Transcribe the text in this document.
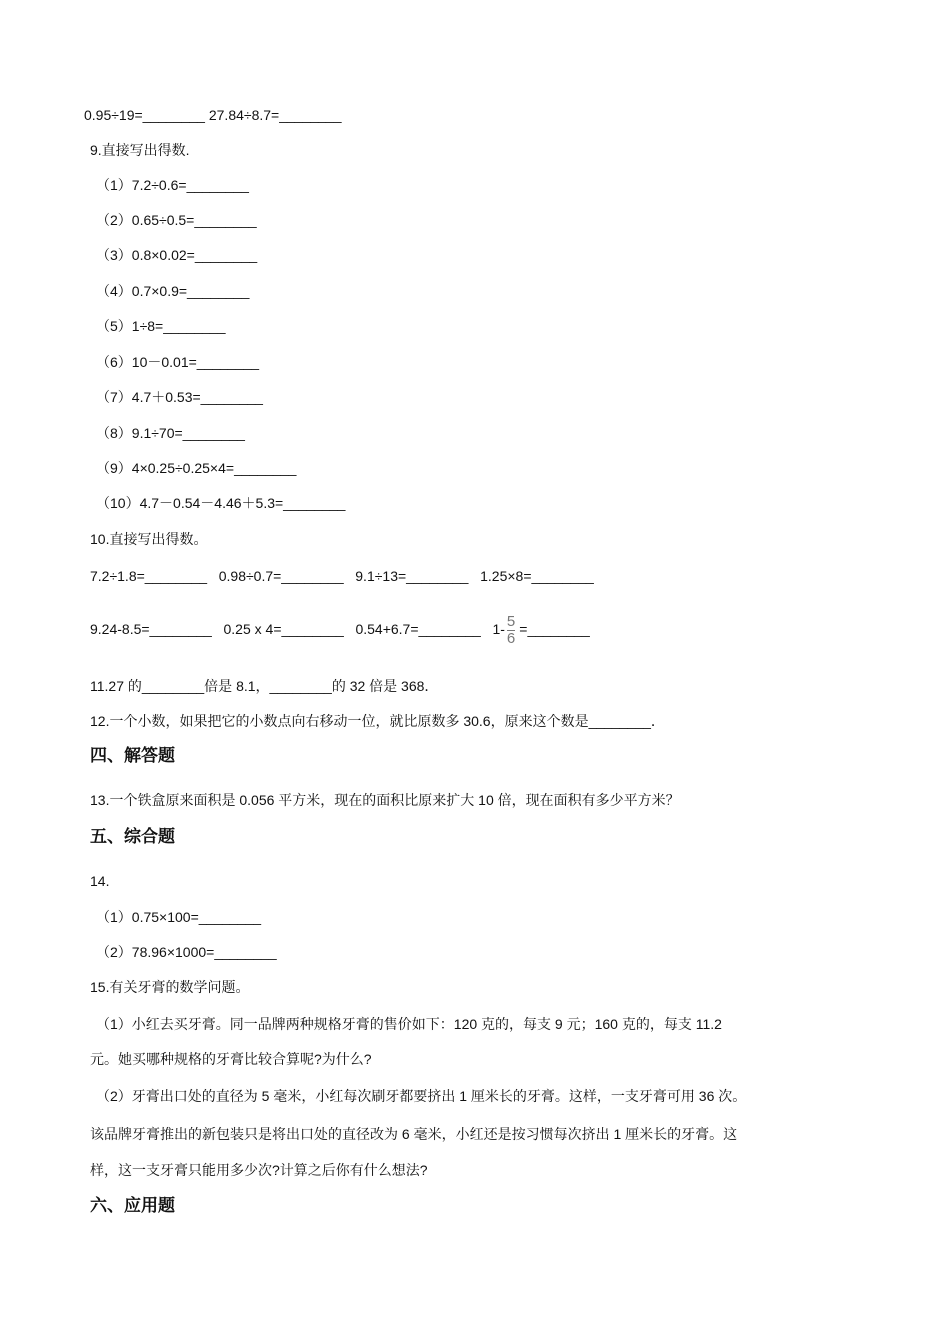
0.95÷19=________ 27.84÷8.7=________
9.直接写出得数.
（1）7.2÷0.6=________
（2）0.65÷0.5=________
（3）0.8×0.02=________
（4）0.7×0.9=________
（5）1÷8=________
（6）10－0.01=________
（7）4.7＋0.53=________
（8）9.1÷70=________
（9）4×0.25÷0.25×4=________
（10）4.7－0.54－4.46＋5.3=________
10.直接写出得数。
7.2÷1.8=________   0.98÷0.7=________   9.1÷13=________   1.25×8=________
9.24-8.5=________   0.25 x 4=________   0.54+6.7=________   $1- \frac{5}{6}$ =________
11.27 的________倍是 8.1，________的 32 倍是 368．
12.一个小数，如果把它的小数点向右移动一位，就比原数多 30.6，原来这个数是________．
四、解答题
13.一个铁盒原来面积是 0.056 平方米，现在的面积比原来扩大 10 倍，现在面积有多少平方米？
五、综合题
14.
（1）0.75×100=________
（2）78.96×1000=________
15.有关牙膏的数学问题。
（1）小红去买牙膏。同一品牌两种规格牙膏的售价如下：120 克的，每支 9 元；160 克的，每支 11.2
元。她买哪种规格的牙膏比较合算呢?为什么?
（2）牙膏出口处的直径为 5 毫米，小红每次刷牙都要挤出 1 厘米长的牙膏。这样，一支牙膏可用 36 次。
该品牌牙膏推出的新包装只是将出口处的直径改为 6 毫米，小红还是按习惯每次挤出 1 厘米长的牙膏。这
样，这一支牙膏只能用多少次?计算之后你有什么想法?
六、应用题
